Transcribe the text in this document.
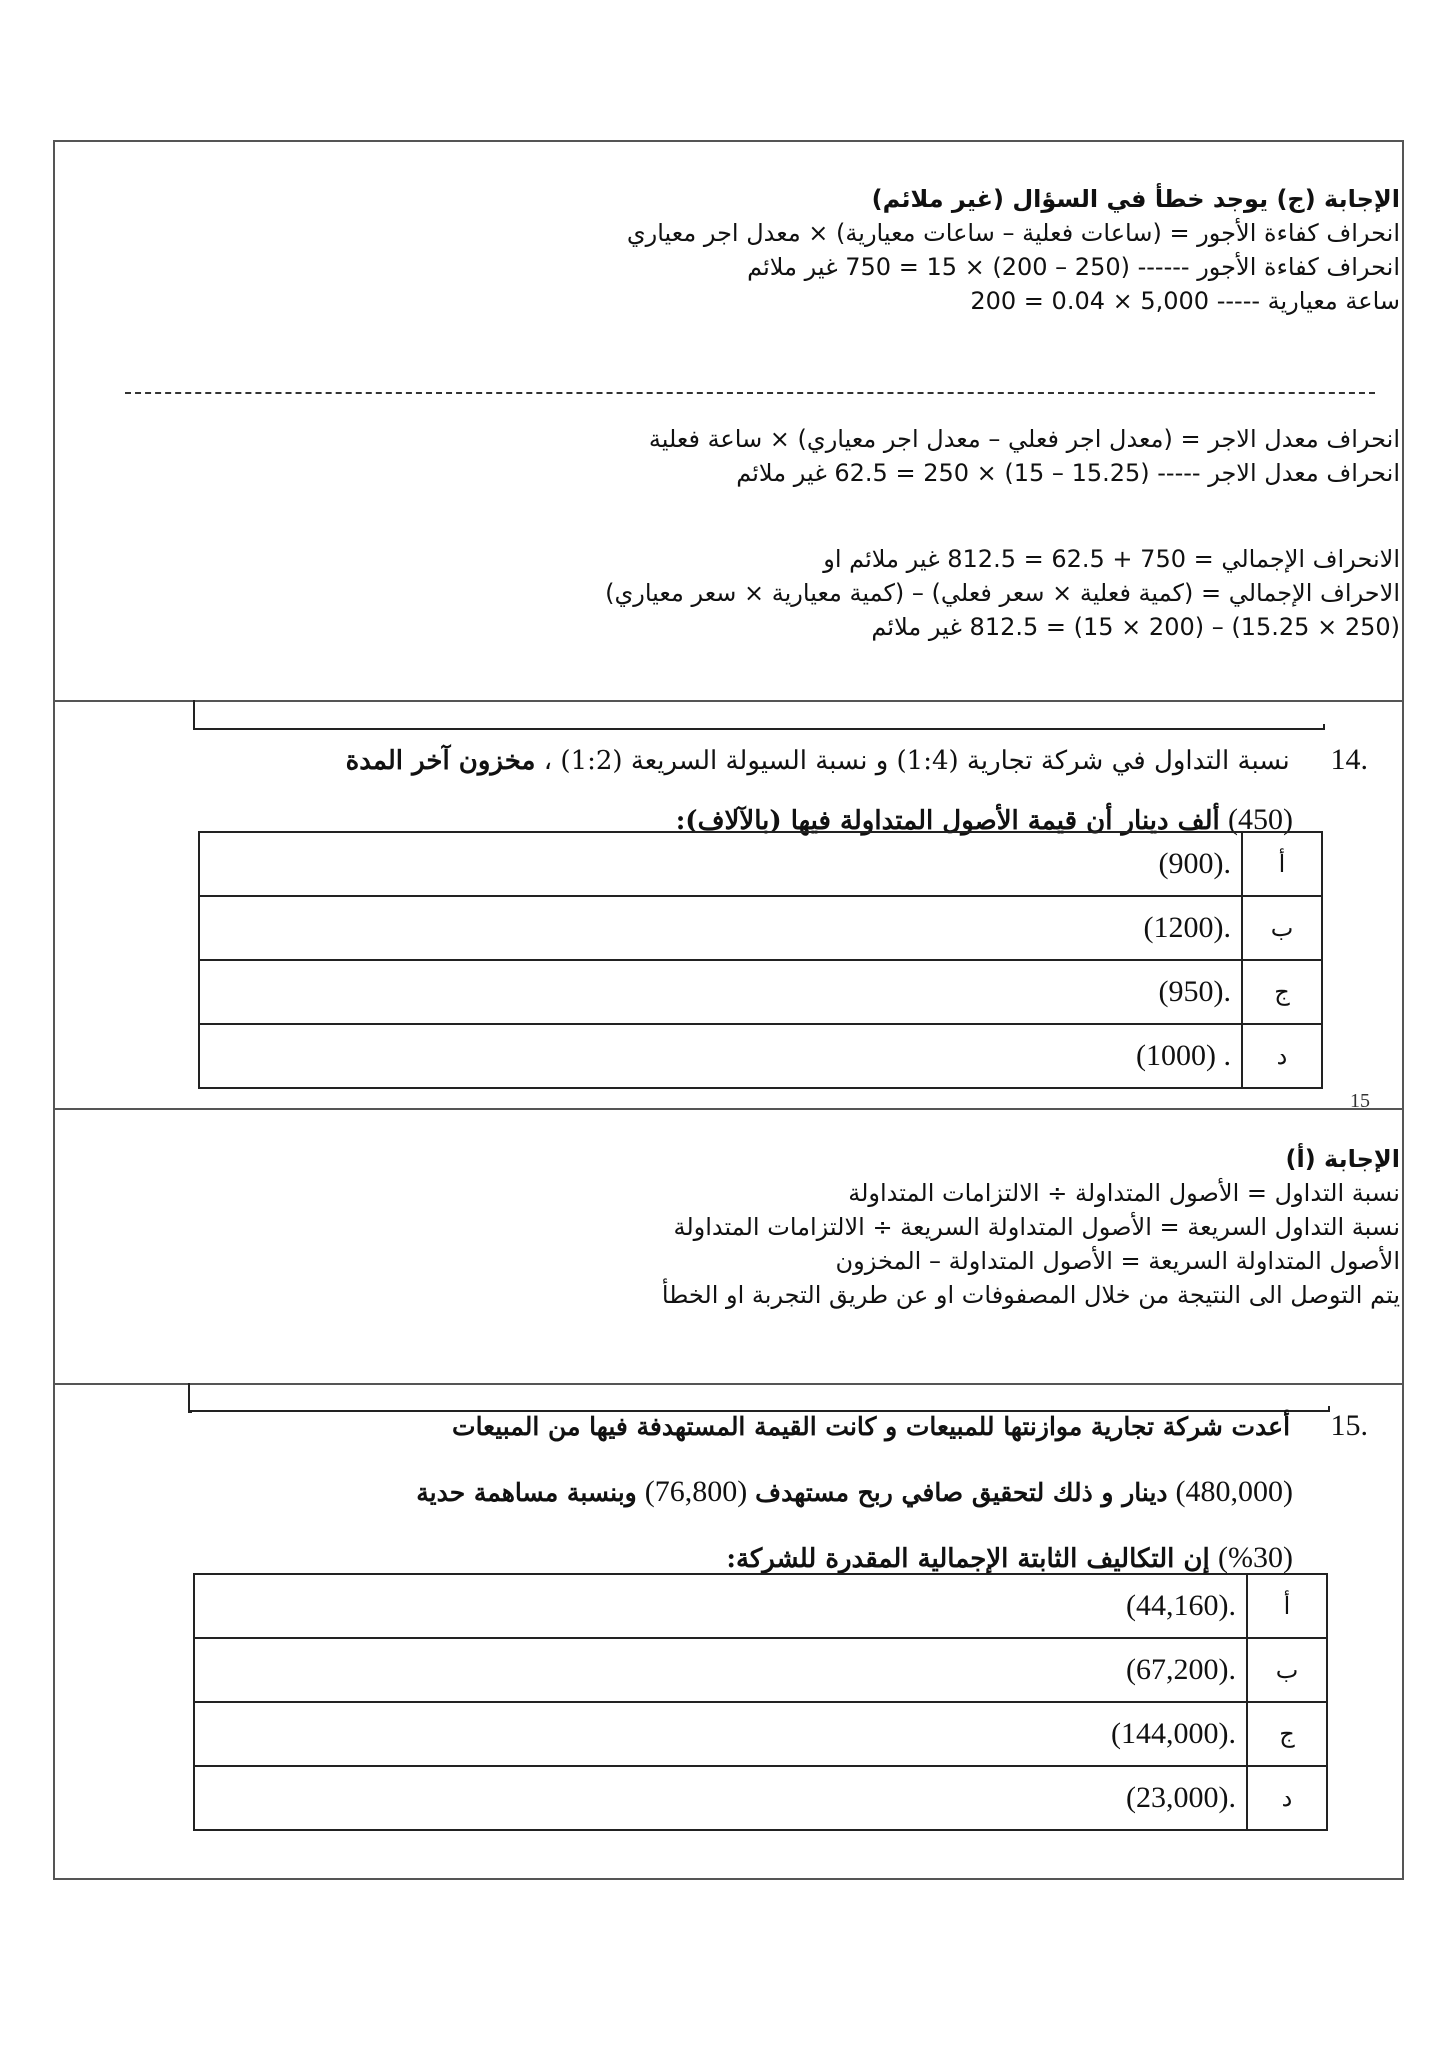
الإجابة (ج) يوجد خطأ في السؤال (غير ملائم)
انحراف كفاءة الأجور = (ساعات فعلية – ساعات معيارية) × معدل اجر معياري
انحراف كفاءة الأجور ------ (250 – 200) × 15 = 750 غير ملائم
ساعة معيارية ----- 5,000 × 0.04 = 200
انحراف معدل الاجر = (معدل اجر فعلي – معدل اجر معياري) × ساعة فعلية
انحراف معدل الاجر ----- (15.25 – 15) × 250 = 62.5 غير ملائم
الانحراف الإجمالي = 750 + 62.5 = 812.5 غير ملائم او
الاحراف الإجمالي = (كمية فعلية × سعر فعلي) – (كمية معيارية × سعر معياري)
(250 × 15.25) – (200 × 15) = 812.5 غير ملائم
.14 نسبة التداول في شركة تجارية (1:4) و نسبة السيولة السريعة (1:2) ، مخزون آخر المدة
(450) ألف دينار أن قيمة الأصول المتداولة فيها (بالآلاف):
أ	.(900)
ب	.(1200)
ج	.(950)
د	. (1000)
15
الإجابة (أ)
نسبة التداول = الأصول المتداولة ÷ الالتزامات المتداولة
نسبة التداول السريعة = الأصول المتداولة السريعة ÷ الالتزامات المتداولة
الأصول المتداولة السريعة = الأصول المتداولة – المخزون
يتم التوصل الى النتيجة من خلال المصفوفات او عن طريق التجربة او الخطأ
.15 أعدت شركة تجارية موازنتها للمبيعات و كانت القيمة المستهدفة فيها من المبيعات
(480,000) دينار و ذلك لتحقيق صافي ربح مستهدف (76,800) وبنسبة مساهمة حدية
(%30) إن التكاليف الثابتة الإجمالية المقدرة للشركة:
أ	.(44,160)
ب	.(67,200)
ج	.(144,000)
د	.(23,000)
